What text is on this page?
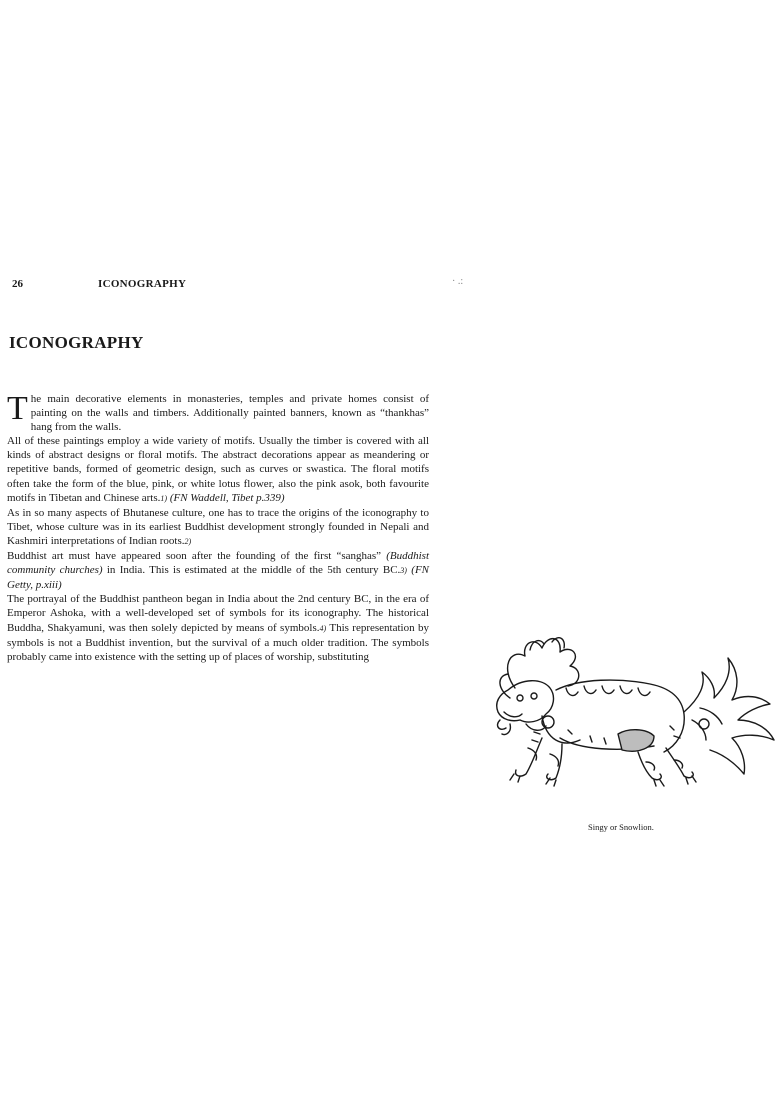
26	ICONOGRAPHY	· .:
ICONOGRAPHY

The main decorative elements in monasteries, temples and private homes consist of painting on the walls and timbers. Additionally painted banners, known as “thankhas” hang from the walls.

All of these paintings employ a wide variety of motifs. Usually the timber is covered with all kinds of abstract designs or floral motifs. The abstract decorations appear as meandering or repetitive bands, formed of geometric design, such as curves or swastica. The floral motifs often take the form of the blue, pink, or white lotus flower, also the pink asok, both favourite motifs in Tibetan and Chinese arts.1) (FN Waddell, Tibet p.339)

As in so many aspects of Bhutanese culture, one has to trace the origins of the iconography to Tibet, whose culture was in its earliest Buddhist development strongly founded in Nepali and Kashmiri interpretations of Indian roots.2)

Buddhist art must have appeared soon after the founding of the first “sanghas” (Buddhist community churches) in India. This is estimated at the middle of the 5th century BC.3) (FN Getty, p.xiii)

The portrayal of the Buddhist pantheon began in India about the 2nd century BC, in the era of Emperor Ashoka, with a well-developed set of symbols for its iconography. The historical Buddha, Shakyamuni, was then solely depicted by means of symbols.4) This representation by symbols is not a Buddhist invention, but the survival of a much older tradition. The symbols probably came into existence with the setting up of places of worship, substituting

Singy or Snowlion.
